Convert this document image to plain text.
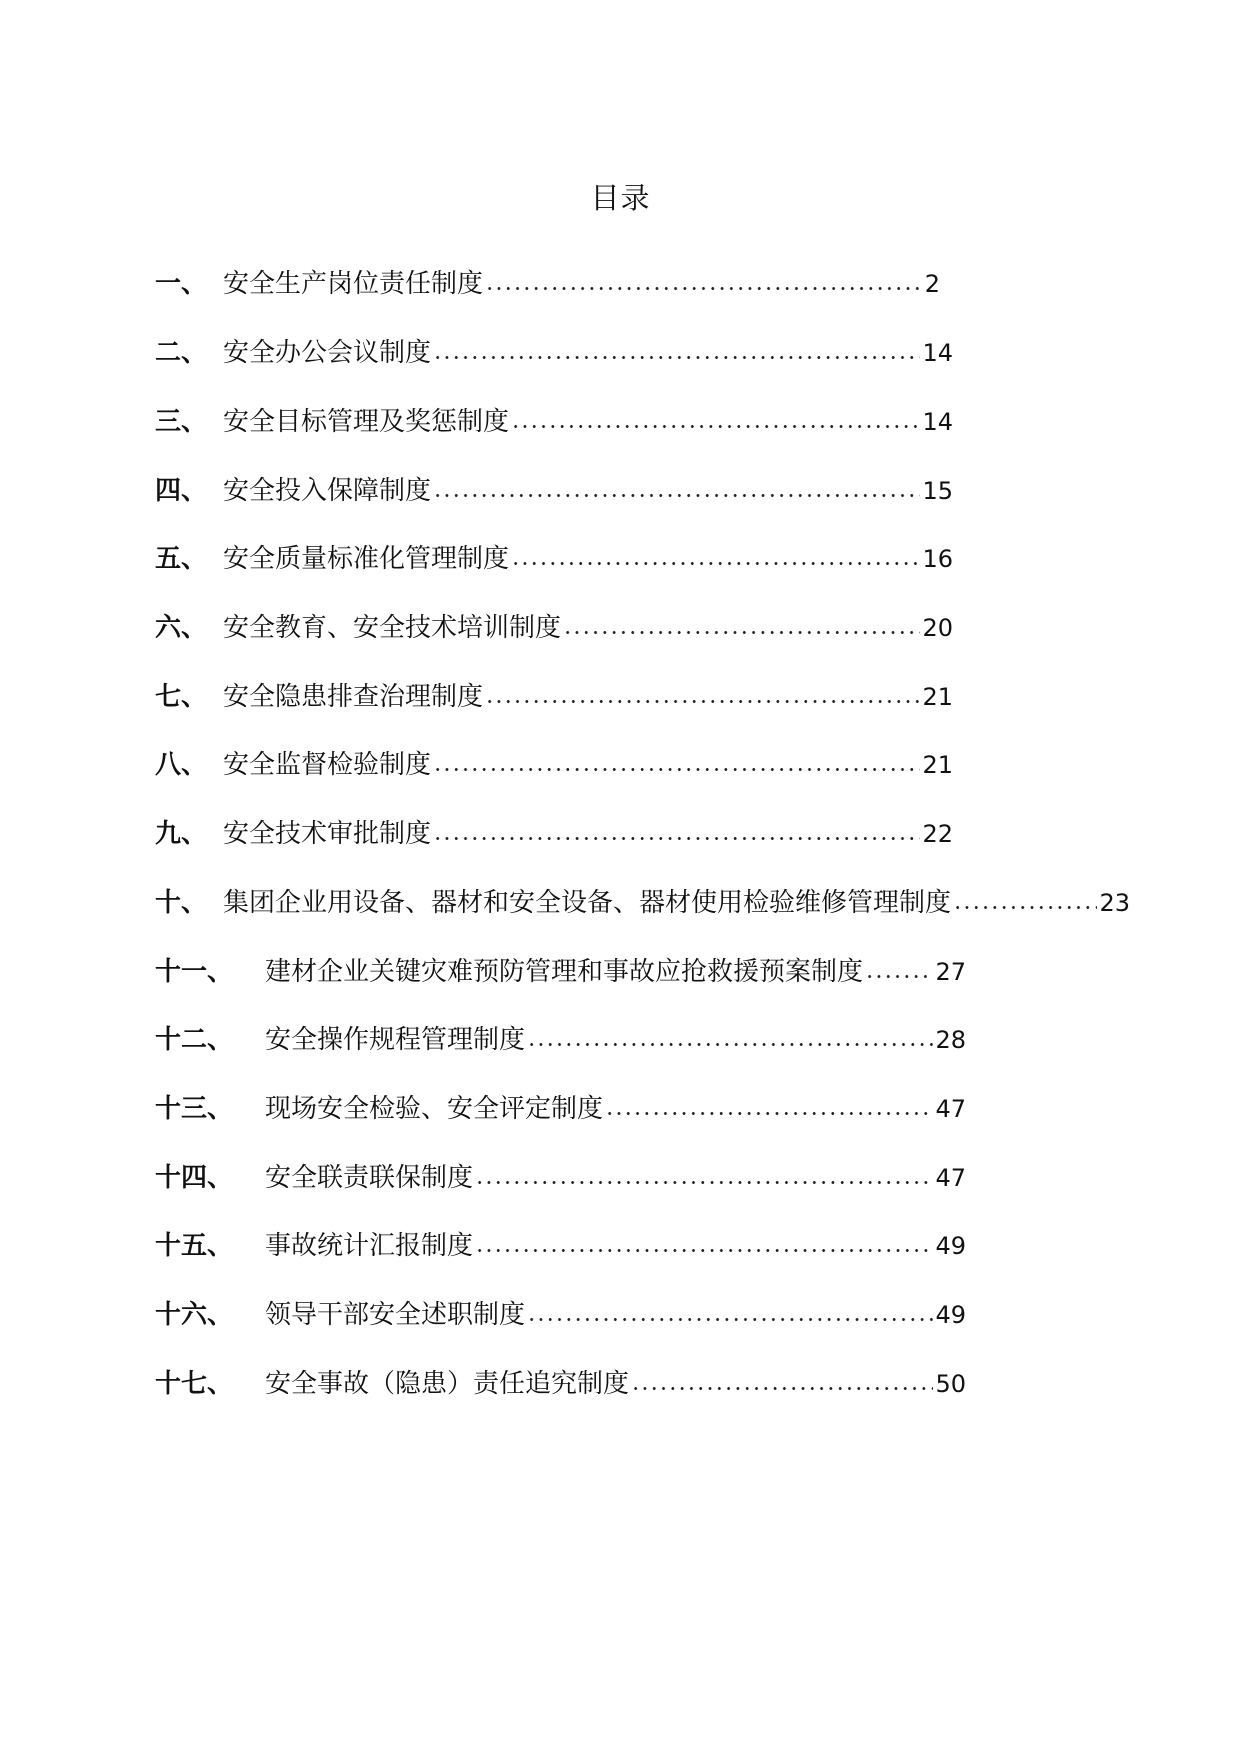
目录
一、 安全生产岗位责任制度	2
二、 安全办公会议制度	14
三、 安全目标管理及奖惩制度	14
四、 安全投入保障制度	15
五、 安全质量标准化管理制度	16
六、 安全教育、安全技术培训制度	20
七、 安全隐患排查治理制度	21
八、 安全监督检验制度	21
九、 安全技术审批制度	22
十、 集团企业用设备、器材和安全设备、器材使用检验维修管理制度	23
十一、	建材企业关键灾难预防管理和事故应抢救援预案制度	27
十二、	安全操作规程管理制度	28
十三、	现场安全检验、安全评定制度	47
十四、	安全联责联保制度	47
十五、	事故统计汇报制度	49
十六、	领导干部安全述职制度	49
十七、	安全事故（隐患）责任追究制度	50
